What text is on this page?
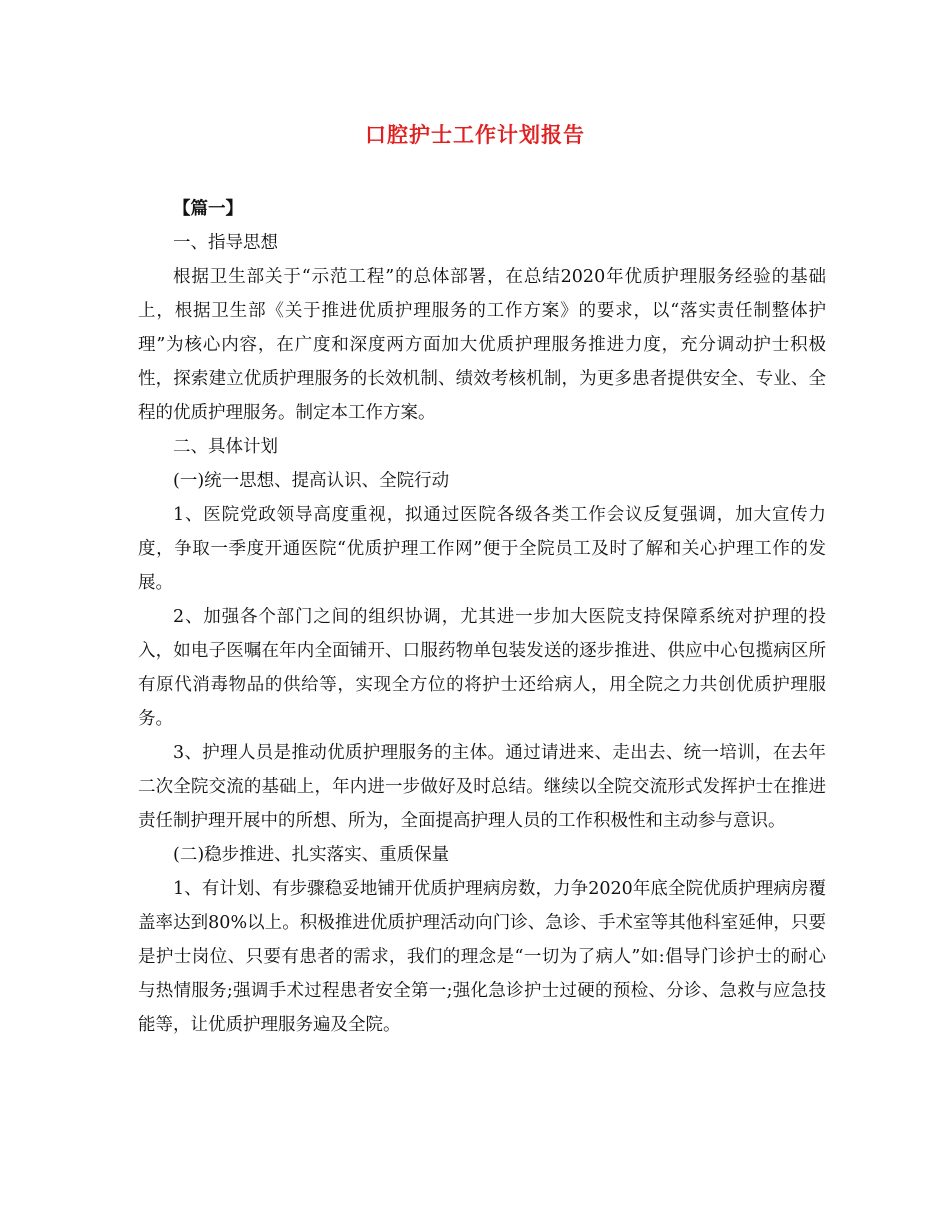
口腔护士工作计划报告

【篇一】

一、指导思想

根据卫生部关于“示范工程”的总体部署，在总结2020年优质护理服务经验的基础上，根据卫生部《关于推进优质护理服务的工作方案》的要求，以“落实责任制整体护理”为核心内容，在广度和深度两方面加大优质护理服务推进力度，充分调动护士积极性，探索建立优质护理服务的长效机制、绩效考核机制，为更多患者提供安全、专业、全程的优质护理服务。制定本工作方案。

二、具体计划

(一)统一思想、提高认识、全院行动

1、医院党政领导高度重视，拟通过医院各级各类工作会议反复强调，加大宣传力度，争取一季度开通医院“优质护理工作网”便于全院员工及时了解和关心护理工作的发展。

2、加强各个部门之间的组织协调，尤其进一步加大医院支持保障系统对护理的投入，如电子医嘱在年内全面铺开、口服药物单包装发送的逐步推进、供应中心包揽病区所有原代消毒物品的供给等，实现全方位的将护士还给病人，用全院之力共创优质护理服务。

3、护理人员是推动优质护理服务的主体。通过请进来、走出去、统一培训，在去年二次全院交流的基础上，年内进一步做好及时总结。继续以全院交流形式发挥护士在推进责任制护理开展中的所想、所为，全面提高护理人员的工作积极性和主动参与意识。

(二)稳步推进、扎实落实、重质保量

1、有计划、有步骤稳妥地铺开优质护理病房数，力争2020年底全院优质护理病房覆盖率达到80%以上。积极推进优质护理活动向门诊、急诊、手术室等其他科室延伸，只要是护士岗位、只要有患者的需求，我们的理念是“一切为了病人”如:倡导门诊护士的耐心与热情服务;强调手术过程患者安全第一;强化急诊护士过硬的预检、分诊、急救与应急技能等，让优质护理服务遍及全院。
